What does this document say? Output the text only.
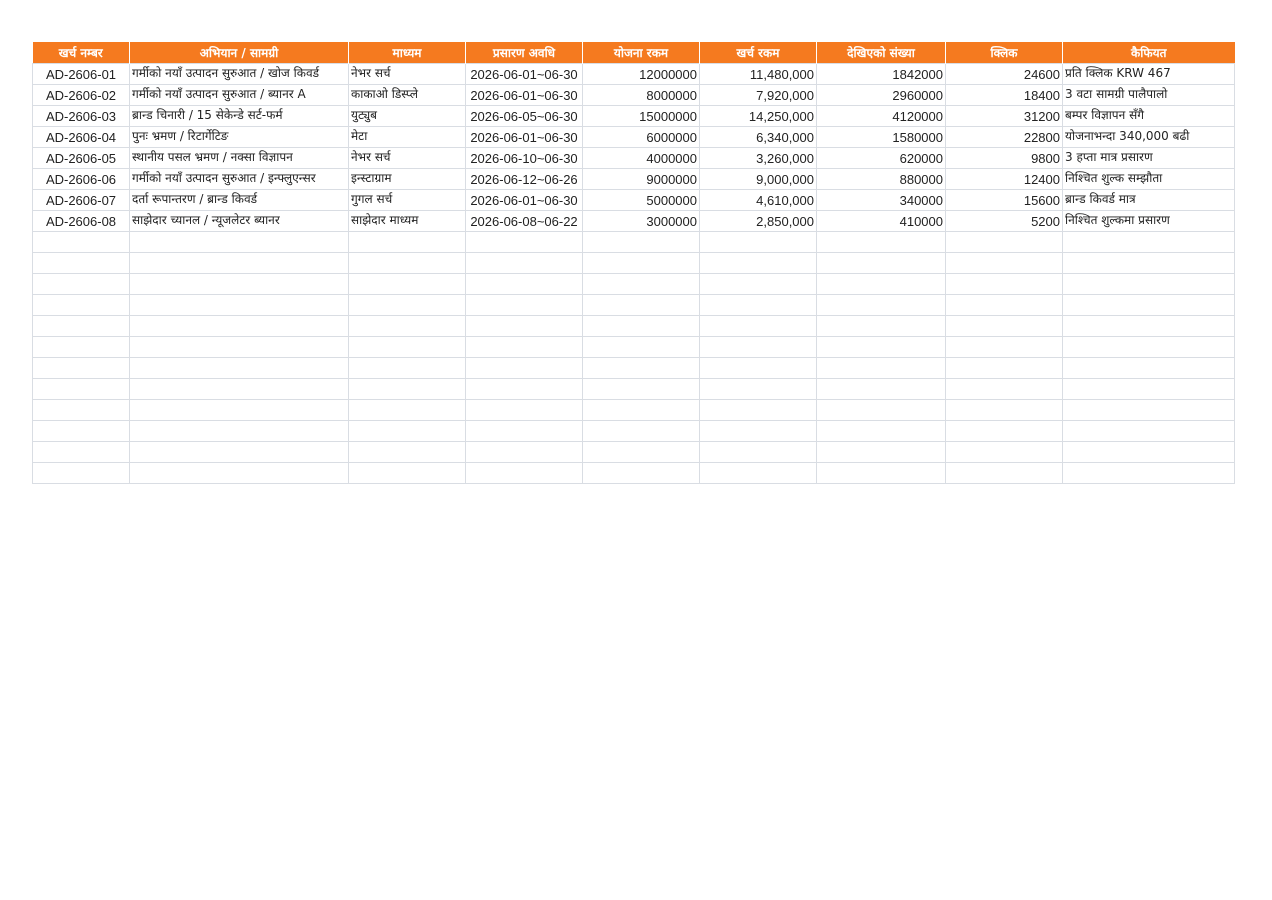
खर्च नम्बर	अभियान / सामग्री	माध्यम	प्रसारण अवधि	योजना रकम	खर्च रकम	देखिएको संख्या	क्लिक	कैफियत
AD-2606-01	गर्मीको नयाँ उत्पादन सुरुआत / खोज किवर्ड	नेभर सर्च	2026-06-01~06-30	12000000	11,480,000	1842000	24600	प्रति क्लिक KRW 467
AD-2606-02	गर्मीको नयाँ उत्पादन सुरुआत / ब्यानर A	काकाओ डिस्प्ले	2026-06-01~06-30	8000000	7,920,000	2960000	18400	3 वटा सामग्री पालैपालो
AD-2606-03	ब्रान्ड चिनारी / 15 सेकेन्डे सर्ट-फर्म	युट्युब	2026-06-05~06-30	15000000	14,250,000	4120000	31200	बम्पर विज्ञापन सँगै
AD-2606-04	पुनः भ्रमण / रिटार्गेटिङ	मेटा	2026-06-01~06-30	6000000	6,340,000	1580000	22800	योजनाभन्दा 340,000 बढी
AD-2606-05	स्थानीय पसल भ्रमण / नक्सा विज्ञापन	नेभर सर्च	2026-06-10~06-30	4000000	3,260,000	620000	9800	3 हप्ता मात्र प्रसारण
AD-2606-06	गर्मीको नयाँ उत्पादन सुरुआत / इन्फ्लुएन्सर	इन्स्टाग्राम	2026-06-12~06-26	9000000	9,000,000	880000	12400	निश्चित शुल्क सम्झौता
AD-2606-07	दर्ता रूपान्तरण / ब्रान्ड किवर्ड	गुगल सर्च	2026-06-01~06-30	5000000	4,610,000	340000	15600	ब्रान्ड किवर्ड मात्र
AD-2606-08	साझेदार च्यानल / न्यूजलेटर ब्यानर	साझेदार माध्यम	2026-06-08~06-22	3000000	2,850,000	410000	5200	निश्चित शुल्कमा प्रसारण
